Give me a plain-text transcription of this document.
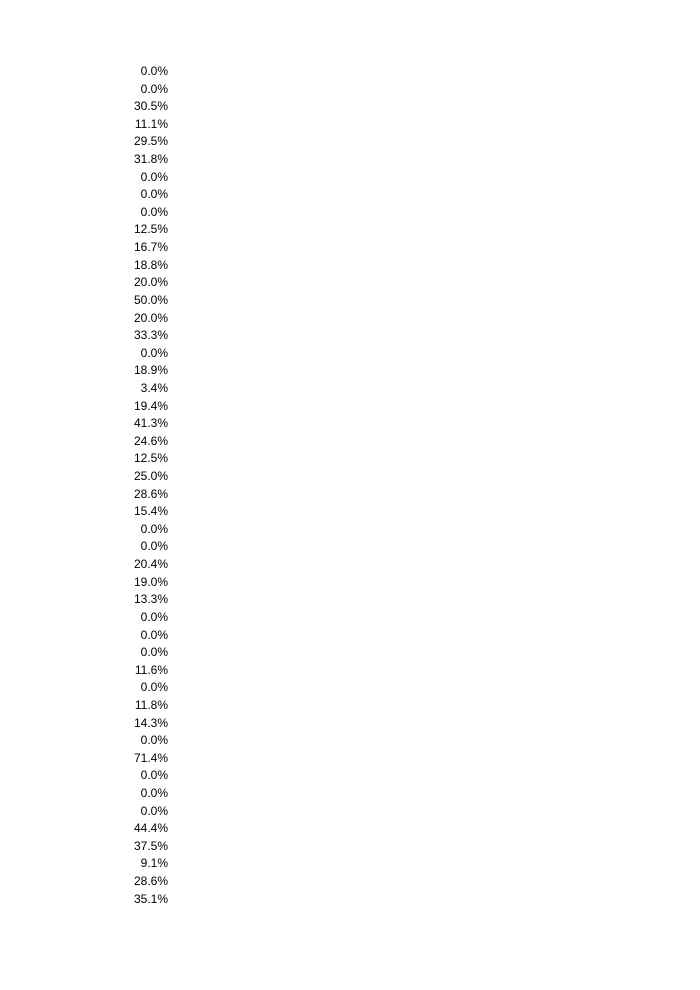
0.0%
0.0%
30.5%
11.1%
29.5%
31.8%
0.0%
0.0%
0.0%
12.5%
16.7%
18.8%
20.0%
50.0%
20.0%
33.3%
0.0%
18.9%
3.4%
19.4%
41.3%
24.6%
12.5%
25.0%
28.6%
15.4%
0.0%
0.0%
20.4%
19.0%
13.3%
0.0%
0.0%
0.0%
11.6%
0.0%
11.8%
14.3%
0.0%
71.4%
0.0%
0.0%
0.0%
44.4%
37.5%
9.1%
28.6%
35.1%
